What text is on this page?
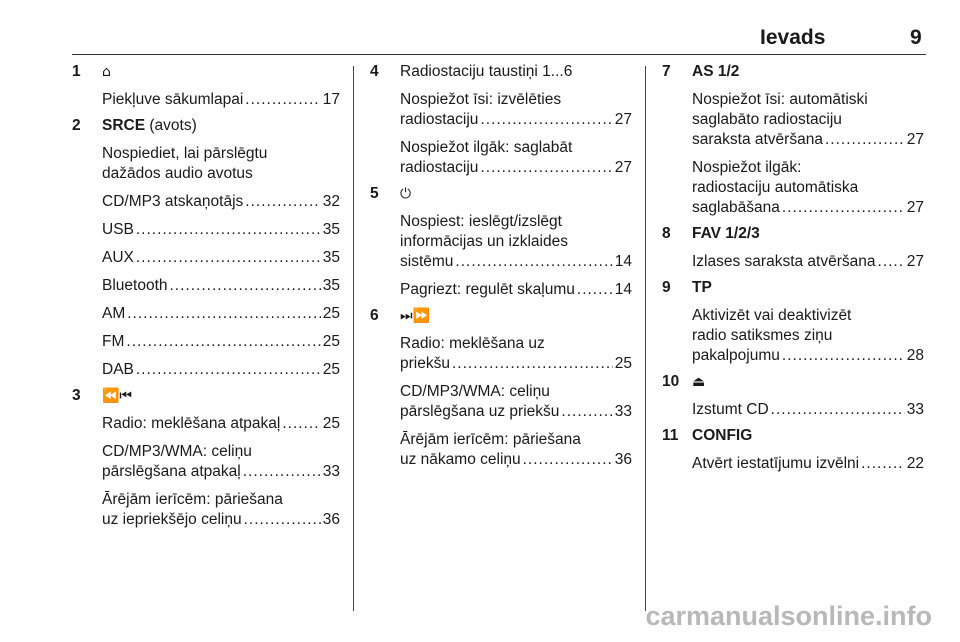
Ievads	9
1	⌂
Piekļuve sākumlapai .....	17
2	SRCE (avots)
Nospiediet, lai pārslēgtu
dažādos audio avotus
CD/MP3 atskaņotājs .....	32
USB .....	35
AUX .....	35
Bluetooth .....	35
AM .....	25
FM .....	25
DAB .....	25
3	⏪⏮
Radio: meklēšana atpakaļ .....	25
CD/MP3/WMA: celiņu
pārslēgšana atpakaļ .....	33
Ārējām ierīcēm: pāriešana
uz iepriekšējo celiņu .....	36
4	Radiostaciju taustiņi 1...6
Nospiežot īsi: izvēlēties
radiostaciju .....	27
Nospiežot ilgāk: saglabāt
radiostaciju .....	27
5	⏻
Nospiest: ieslēgt/izslēgt
informācijas un izklaides
sistēmu .....	14
Pagriezt: regulēt skaļumu .....	14
6	⏭⏩
Radio: meklēšana uz
priekšu .....	25
CD/MP3/WMA: celiņu
pārslēgšana uz priekšu .....	33
Ārējām ierīcēm: pāriešana
uz nākamo celiņu .....	36
7	AS 1/2
Nospiežot īsi: automātiski
saglabāto radiostaciju
saraksta atvēršana .....	27
Nospiežot ilgāk:
radiostaciju automātiska
saglabāšana .....	27
8	FAV 1/2/3
Izlases saraksta atvēršana ..... 27
9	TP
Aktivizēt vai deaktivizēt
radio satiksmes ziņu
pakalpojumu .....	28
10 ⏏
Izstumt CD .....	33
11 CONFIG
Atvērt iestatījumu izvēlni .....	22
carmanualsonline.info
